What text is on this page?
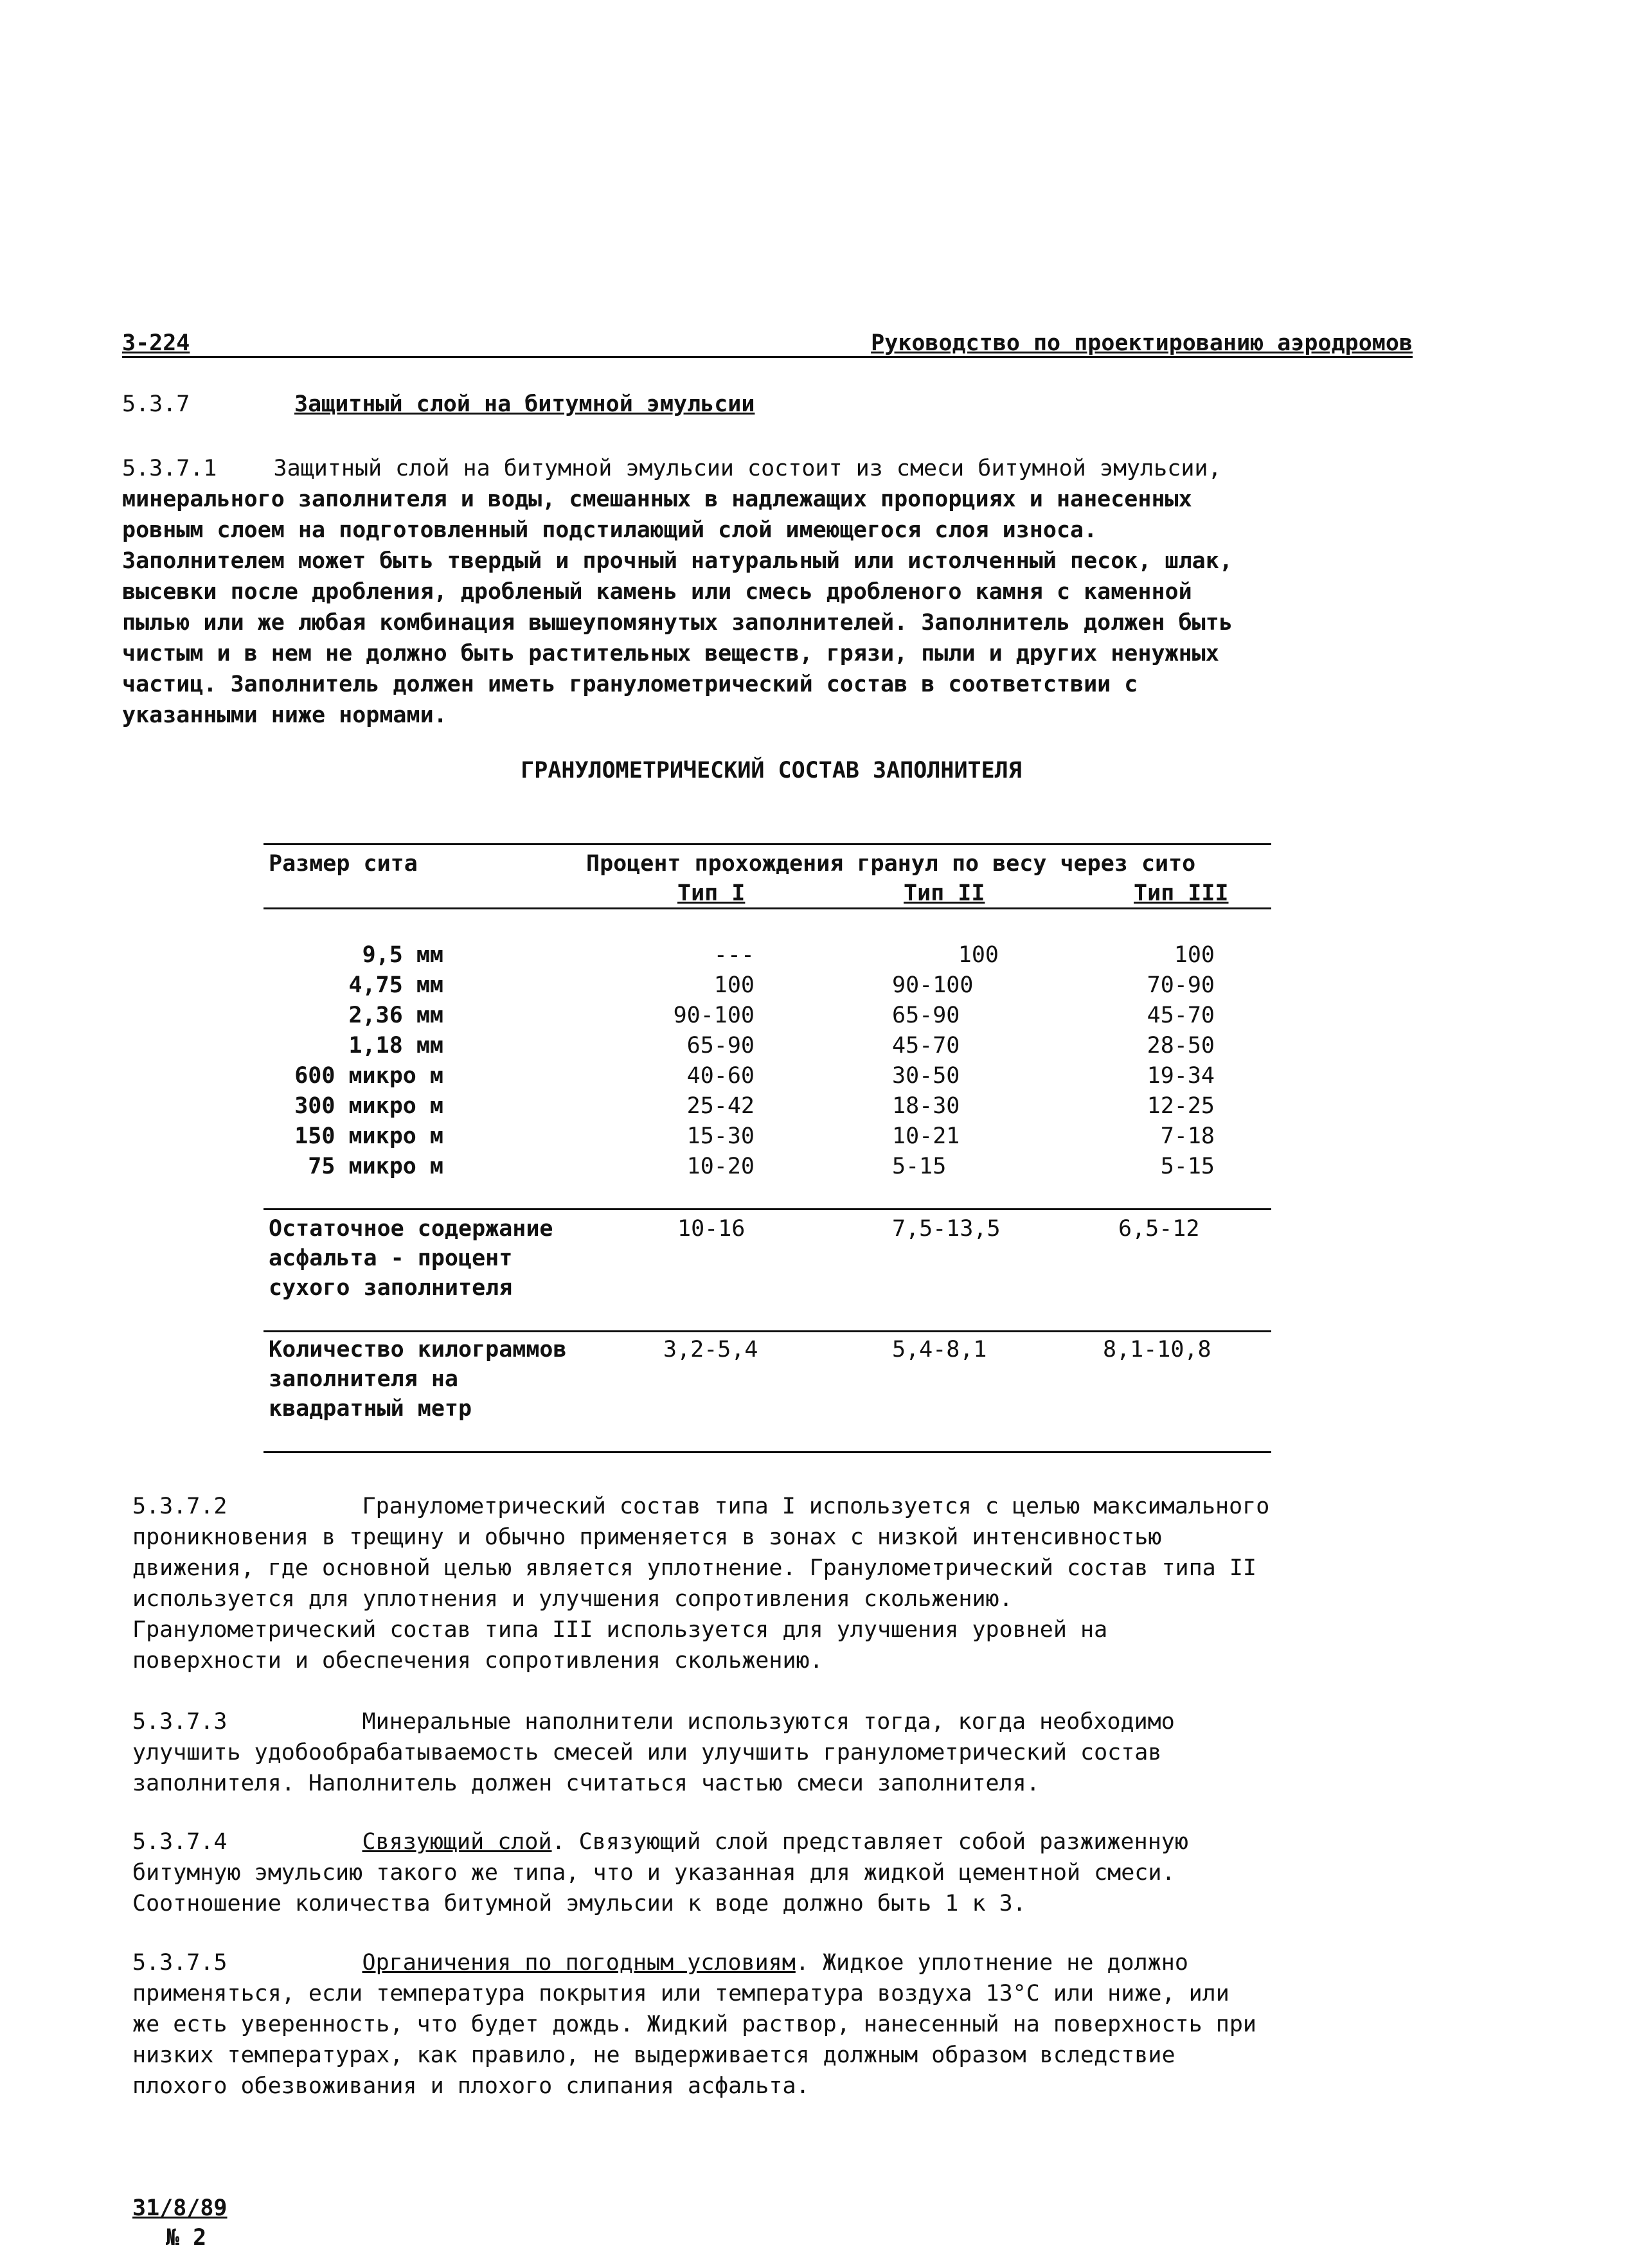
3-224	Руководство по проектированию аэродромов
5.3.7	Защитный слой на битумной эмульсии
5.3.7.1	Защитный слой на битумной эмульсии состоит из смеси битумной эмульсии,
минерального заполнителя и воды, смешанных в надлежащих пропорциях и нанесенных
ровным слоем на подготовленный подстилающий слой имеющегося слоя износа.
Заполнителем может быть твердый и прочный натуральный или истолченный песок, шлак,
высевки после дробления, дробленый камень или смесь дробленого камня с каменной
пылью или же любая комбинация вышеупомянутых заполнителей. Заполнитель должен быть
чистым и в нем не должно быть растительных веществ, грязи, пыли и других ненужных
частиц. Заполнитель должен иметь гранулометрический состав в соответствии с
указанными ниже нормами.
ГРАНУЛОМЕТРИЧЕСКИЙ СОСТАВ ЗАПОЛНИТЕЛЯ
Размер сита	Процент прохождения гранул по весу через сито
Тип I	Тип II	Тип III
9,5 мм	---	100	100
4,75 мм	100	90-100	70-90
2,36 мм	90-100	65-90	45-70
1,18 мм	65-90	45-70	28-50
600 микро м	40-60	30-50	19-34
300 микро м	25-42	18-30	12-25
150 микро м	15-30	10-21	7-18
75 микро м	10-20	5-15	5-15
Остаточное содержание
асфальта - процент
сухого заполнителя
10-16	7,5-13,5	6,5-12
Количество килограммов
заполнителя на
квадратный метр
3,2-5,4	5,4-8,1	8,1-10,8
5.3.7.2	Гранулометрический состав типа I используется с целью максимального
проникновения в трещину и обычно применяется в зонах с низкой интенсивностью
движения, где основной целью является уплотнение. Гранулометрический состав типа II
используется для уплотнения и улучшения сопротивления скольжению.
Гранулометрический состав типа III используется для улучшения уровней на
поверхности и обеспечения сопротивления скольжению.
5.3.7.3	Минеральные наполнители используются тогда, когда необходимо
улучшить удобообрабатываемость смесей или улучшить гранулометрический состав
заполнителя. Наполнитель должен считаться частью смеси заполнителя.
5.3.7.4	Связующий слой. Связующий слой представляет собой разжиженную
битумную эмульсию такого же типа, что и указанная для жидкой цементной смеси.
Соотношение количества битумной эмульсии к воде должно быть 1 к 3.
5.3.7.5	Органичения по погодным условиям. Жидкое уплотнение не должно
применяться, если температура покрытия или температура воздуха 13°С или ниже, или
же есть уверенность, что будет дождь. Жидкий раствор, нанесенный на поверхность при
низких температурах, как правило, не выдерживается должным образом вследствие
плохого обезвоживания и плохого слипания асфальта.
31/8/89
№ 2
